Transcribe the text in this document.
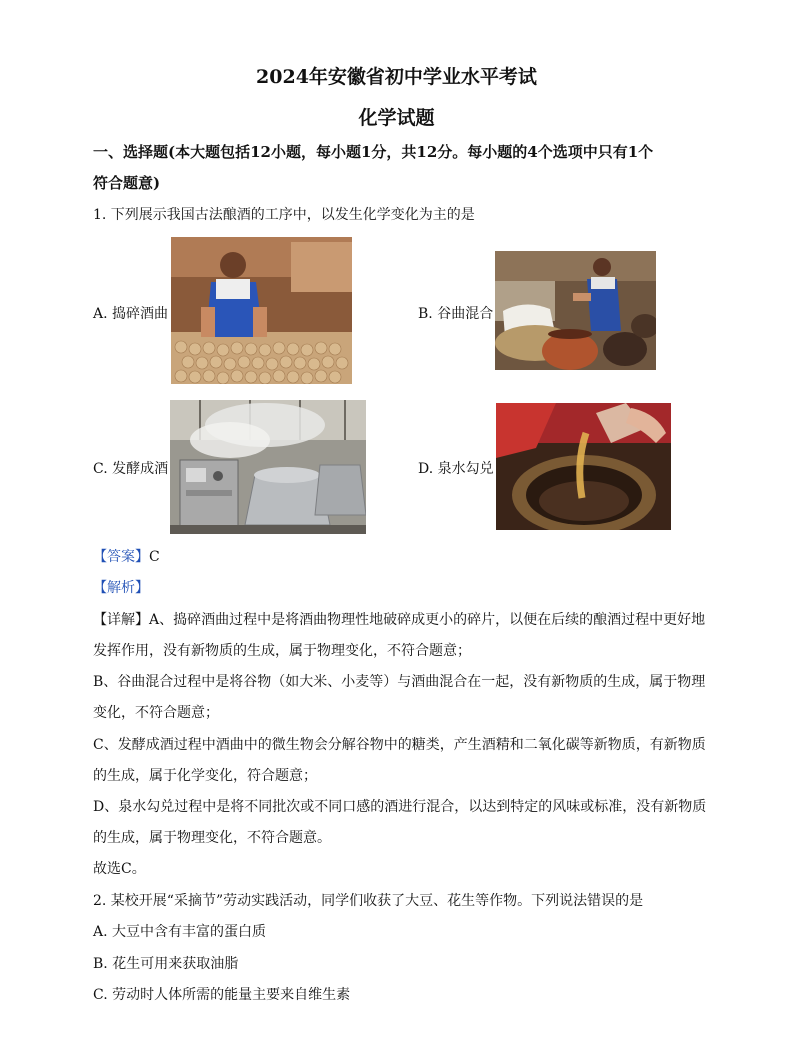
2024年安徽省初中学业水平考试
化学试题
一、选择题(本大题包括12小题，每小题1分，共12分。每小题的4个选项中只有1个
符合题意)
1. 下列展示我国古法酿酒的工序中，以发生化学变化为主的是
A. 捣碎酒曲	B. 谷曲混合
C. 发酵成酒	D. 泉水勾兑
【答案】C
【解析】
【详解】A、捣碎酒曲过程中是将酒曲物理性地破碎成更小的碎片，以便在后续的酿酒过程中更好地
发挥作用，没有新物质的生成，属于物理变化，不符合题意；
B、谷曲混合过程中是将谷物（如大米、小麦等）与酒曲混合在一起，没有新物质的生成，属于物理
变化，不符合题意；
C、发酵成酒过程中酒曲中的微生物会分解谷物中的糖类，产生酒精和二氧化碳等新物质，有新物质
的生成，属于化学变化，符合题意；
D、泉水勾兑过程中是将不同批次或不同口感的酒进行混合，以达到特定的风味或标准，没有新物质
的生成，属于物理变化，不符合题意。
故选C。
2. 某校开展“采摘节”劳动实践活动，同学们收获了大豆、花生等作物。下列说法错误的是
A. 大豆中含有丰富的蛋白质
B. 花生可用来获取油脂
C. 劳动时人体所需的能量主要来自维生素
